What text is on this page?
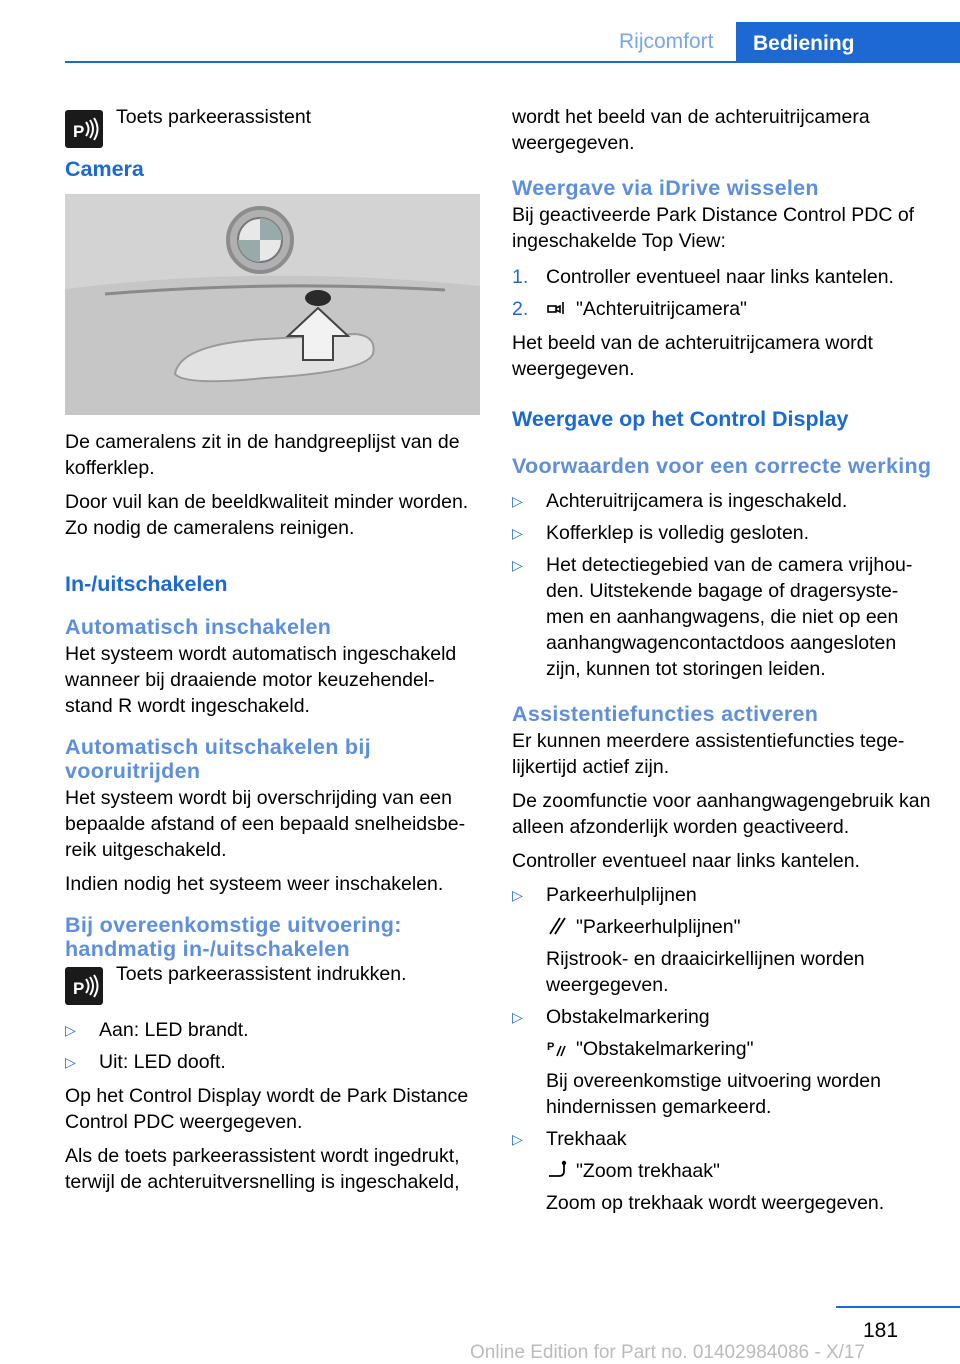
Rijcomfort	Bediening
P
Toets parkeerassistent
Camera

De cameralens zit in de handgreeplijst van de kofferklep.

Door vuil kan de beeldkwaliteit minder worden. Zo nodig de cameralens reinigen.

In-/uitschakelen
Automatisch inschakelen

Het systeem wordt automatisch ingeschakeld wanneer bij draaiende motor keuzehendel-stand R wordt ingeschakeld.

Automatisch uitschakelen bij vooruitrijden

Het systeem wordt bij overschrijding van een bepaalde afstand of een bepaald snelheidsbe-reik uitgeschakeld.

Indien nodig het systeem weer inschakelen.

Bij overeenkomstige uitvoering: handmatig in-/uitschakelen
P
Toets parkeerassistent indrukken.
▷ Aan: LED brandt.
▷ Uit: LED dooft.

Op het Control Display wordt de Park Distance Control PDC weergegeven.

Als de toets parkeerassistent wordt ingedrukt, terwijl de achteruitversnelling is ingeschakeld,

wordt het beeld van de achteruitrijcamera weergegeven.

Weergave via iDrive wisselen

Bij geactiveerde Park Distance Control PDC of ingeschakelde Top View:

1. Controller eventueel naar links kantelen.
2. "Achteruitrijcamera"

Het beeld van de achteruitrijcamera wordt weergegeven.

Weergave op het Control Display
Voorwaarden voor een correcte werking
▷ Achteruitrijcamera is ingeschakeld.
▷ Kofferklep is volledig gesloten.
▷ Het detectiegebied van de camera vrijhou-den. Uitstekende bagage of dragersyste-men en aanhangwagens, die niet op een aanhangwagencontactdoos aangesloten zijn, kunnen tot storingen leiden.
Assistentiefuncties activeren

Er kunnen meerdere assistentiefuncties tege-lijkertijd actief zijn.

De zoomfunctie voor aanhangwagengebruik kan alleen afzonderlijk worden geactiveerd.

Controller eventueel naar links kantelen.

▷ Parkeerhulplijnen
"Parkeerhulplijnen"
Rijstrook- en draaicirkellijnen worden weergegeven.
▷ Obstakelmarkering
P "Obstakelmarkering"
Bij overeenkomstige uitvoering worden hindernissen gemarkeerd.
▷ Trekhaak
"Zoom trekhaak"
Zoom op trekhaak wordt weergegeven.
181
Online Edition for Part no. 01402984086 - X/17
